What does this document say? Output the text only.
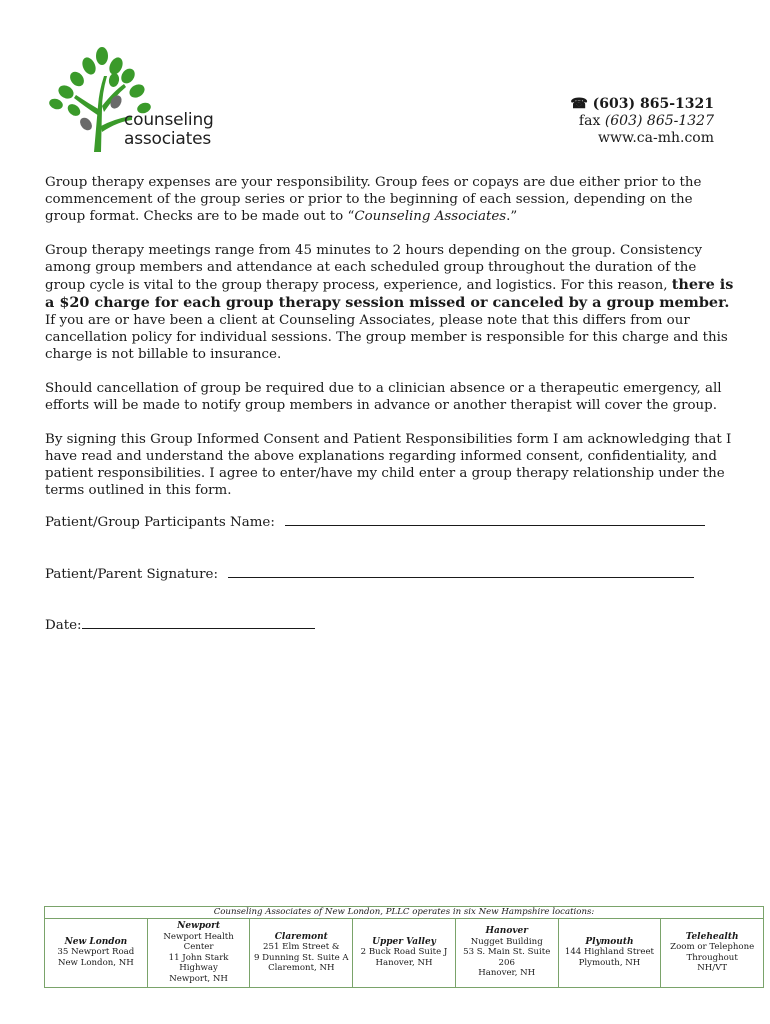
counseling
associates
☎ (603) 865-1321
fax (603) 865-1327
www.ca-mh.com

Group therapy expenses are your responsibility. Group fees or copays are due either prior to the commencement of the group series or prior to the beginning of each session, depending on the group format. Checks are to be made out to “Counseling Associates.”

Group therapy meetings range from 45 minutes to 2 hours depending on the group. Consistency among group members and attendance at each scheduled group throughout the duration of the group cycle is vital to the group therapy process, experience, and logistics. For this reason, there is a $20 charge for each group therapy session missed or canceled by a group member. If you are or have been a client at Counseling Associates, please note that this differs from our cancellation policy for individual sessions. The group member is responsible for this charge and this charge is not billable to insurance.

Should cancellation of group be required due to a clinician absence or a therapeutic emergency, all efforts will be made to notify group members in advance or another therapist will cover the group.

By signing this Group Informed Consent and Patient Responsibilities form I am acknowledging that I have read and understand the above explanations regarding informed consent, confidentiality, and patient responsibilities. I agree to enter/have my child enter a group therapy relationship under the terms outlined in this form.

Patient/Group Participants Name:
Patient/Parent Signature:
Date:
Counseling Associates of New London, PLLC operates in six New Hampshire locations:
New London
35 Newport Road
New London, NH
Newport
Newport Health Center
11 John Stark Highway
Newport, NH
Claremont
251 Elm Street &
9 Dunning St. Suite A
Claremont, NH
Upper Valley
2 Buck Road Suite J
Hanover, NH
Hanover
Nugget Building
53 S. Main St. Suite 206
Hanover, NH
Plymouth
144 Highland Street
Plymouth, NH
Telehealth
Zoom or Telephone
Throughout
NH/VT
